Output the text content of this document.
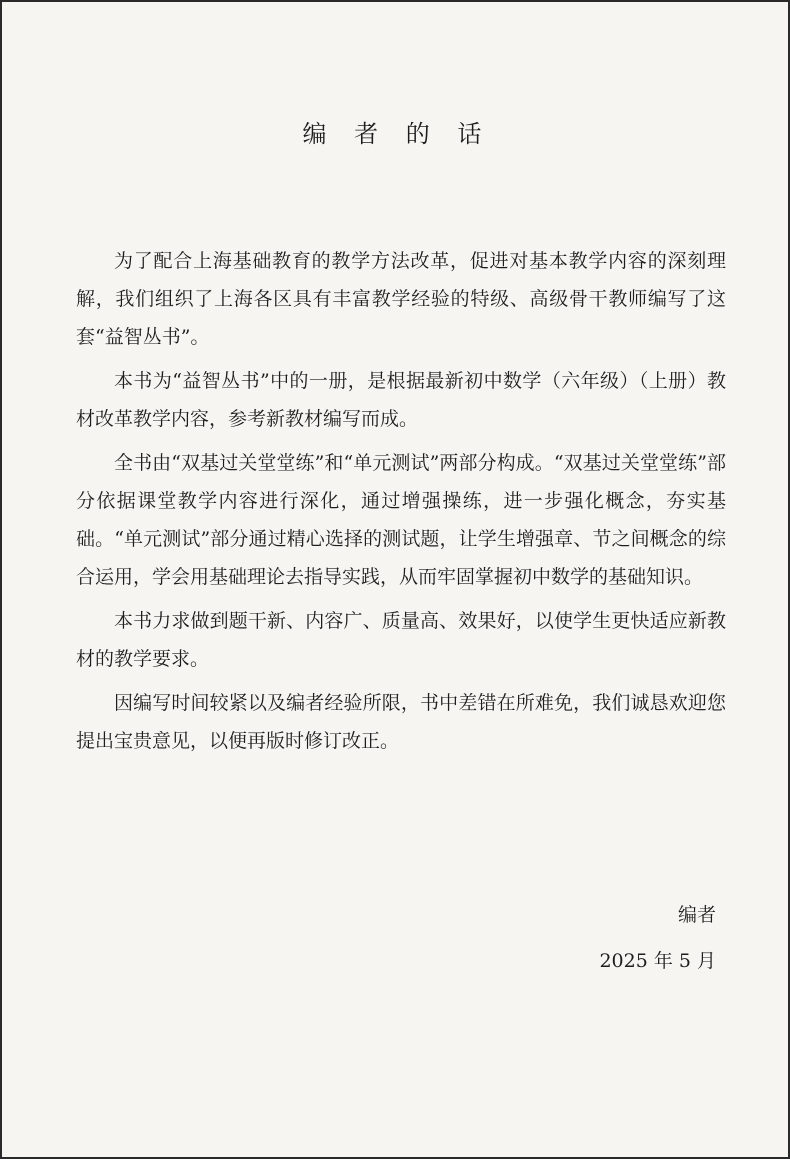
编 者 的 话

为了配合上海基础教育的教学方法改革，促进对基本教学内容的深刻理解，我们组织了上海各区具有丰富教学经验的特级、高级骨干教师编写了这套“益智丛书”。

本书为“益智丛书”中的一册，是根据最新初中数学（六年级）（上册）教材改革教学内容，参考新教材编写而成。

全书由“双基过关堂堂练”和“单元测试”两部分构成。“双基过关堂堂练”部分依据课堂教学内容进行深化，通过增强操练，进一步强化概念，夯实基础。“单元测试”部分通过精心选择的测试题，让学生增强章、节之间概念的综合运用，学会用基础理论去指导实践，从而牢固掌握初中数学的基础知识。

本书力求做到题干新、内容广、质量高、效果好，以使学生更快适应新教材的教学要求。

因编写时间较紧以及编者经验所限，书中差错在所难免，我们诚恳欢迎您提出宝贵意见，以便再版时修订改正。

编者
2025 年 5 月
